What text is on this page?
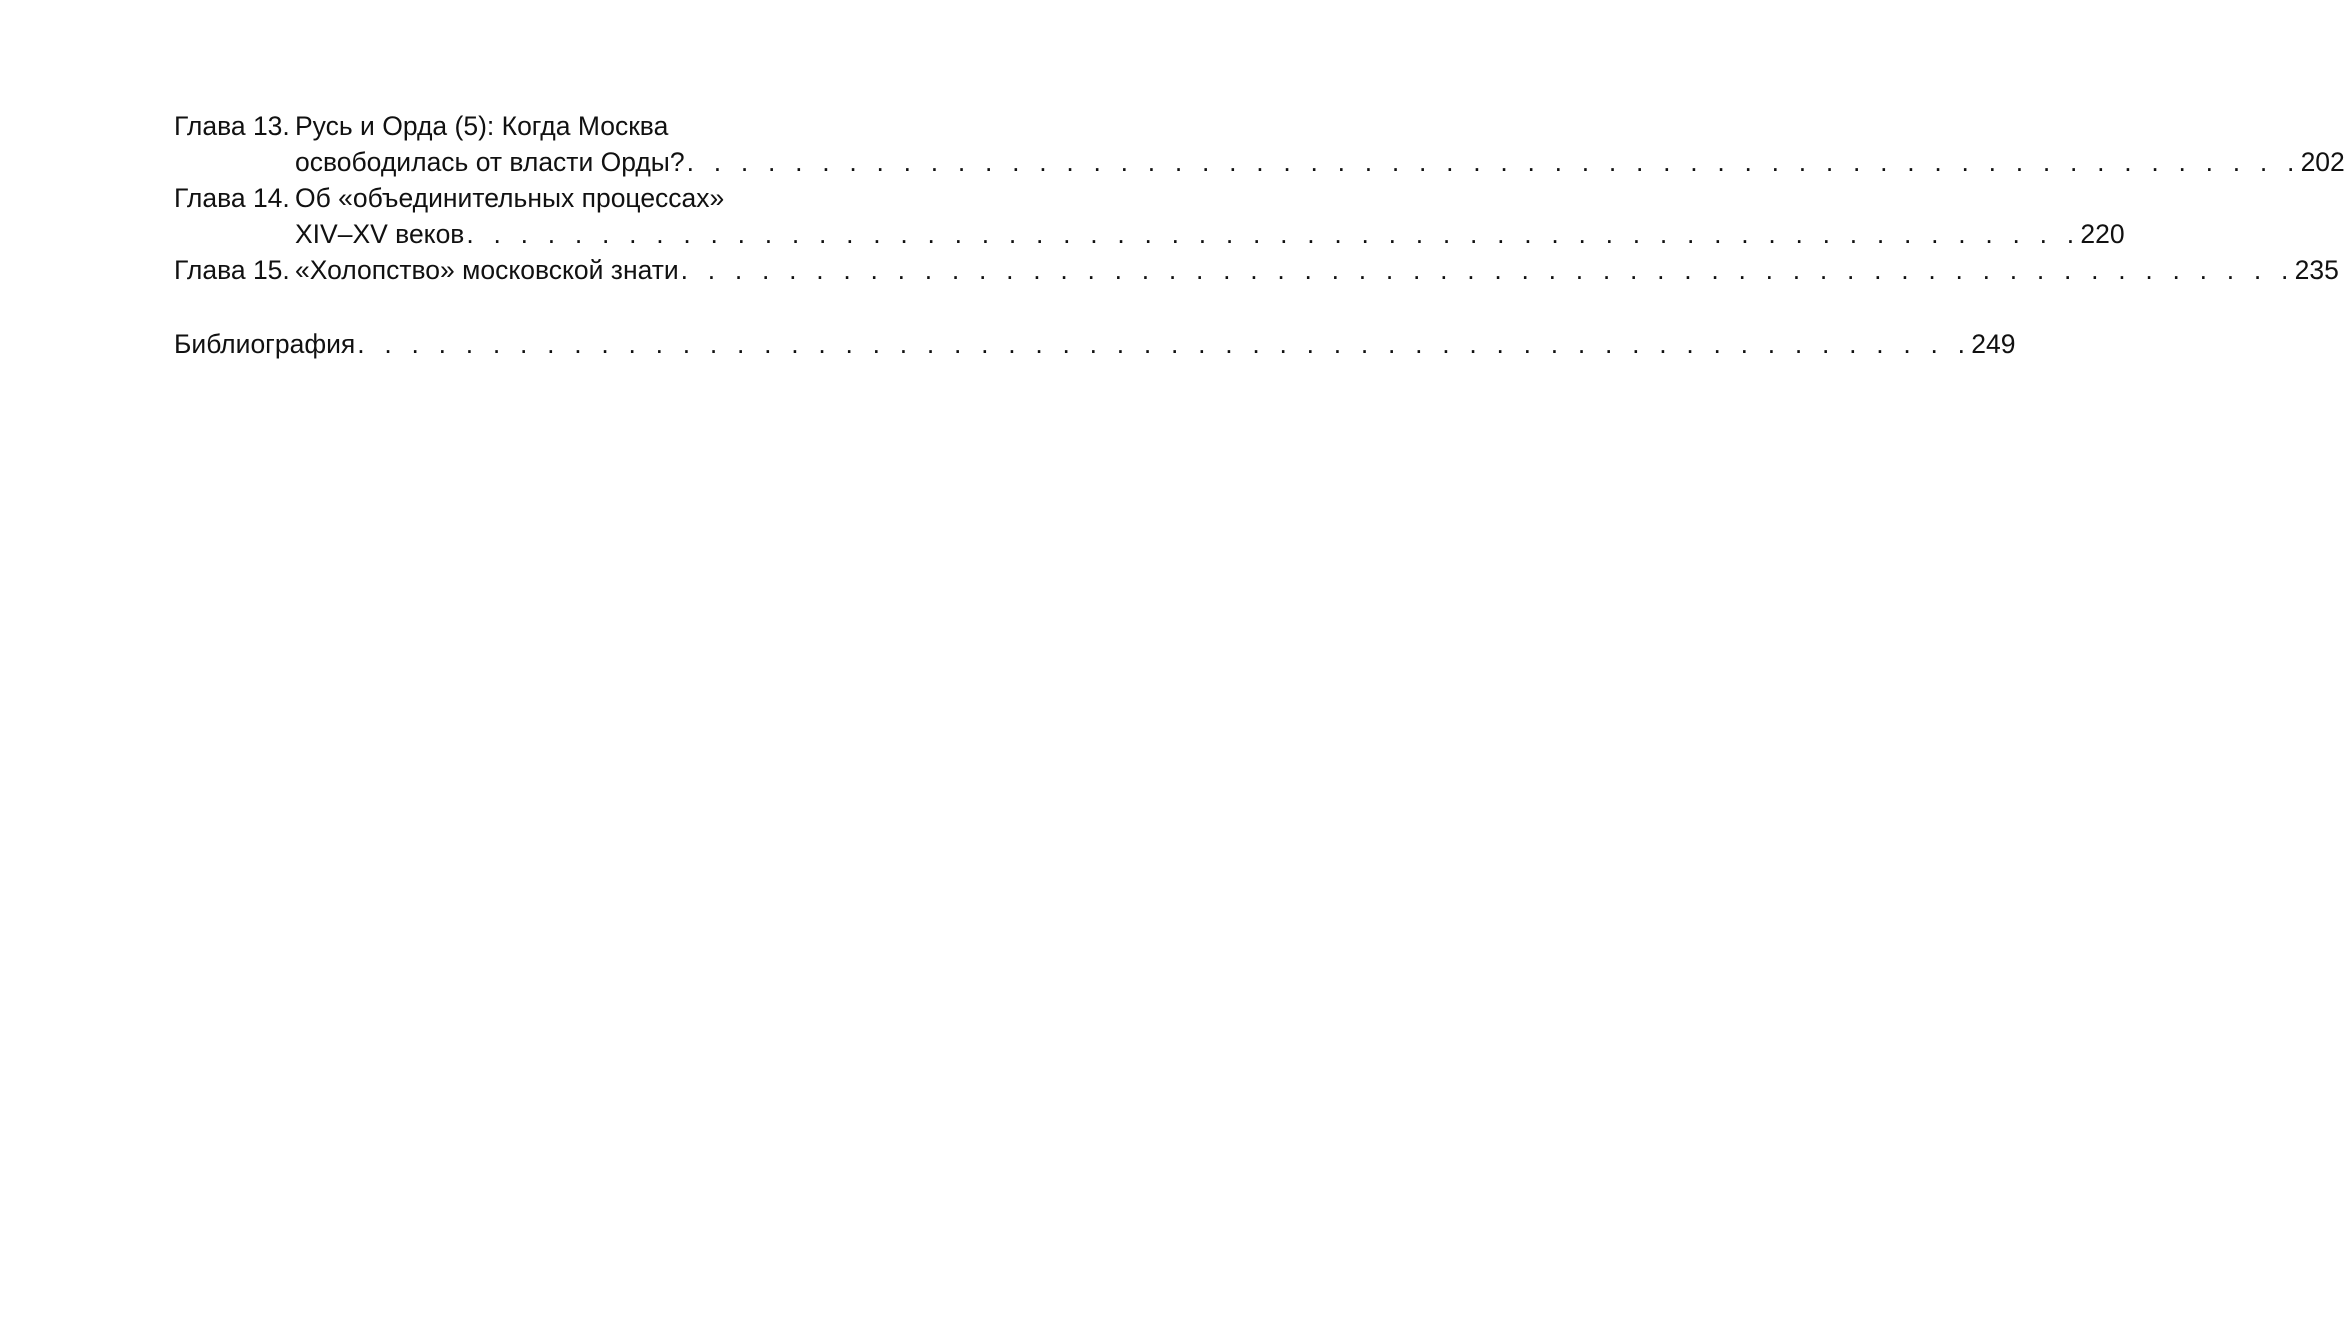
Глава 13. Русь и Орда (5): Когда Москва
освободилась от власти Орды? . . . . . . . . . . . . . . . . . . . . . . . . . . . . . . . . . . . . . . . . . . . . . . . . . . . . . . . . . . . . 202
Глава 14. Об «объединительных процессах»
XIV–XV веков . . . . . . . . . . . . . . . . . . . . . . . . . . . . . . . . . . . . . . . . . . . . . . . . . . . . . . . . . . . . 220
Глава 15. «Холопство» московской знати . . . . . . . . . . . . . . . . . . . . . . . . . . . . . . . . . . . . . . . . . . . . . . . . . . . . . . . . . . . . 235
Библиография . . . . . . . . . . . . . . . . . . . . . . . . . . . . . . . . . . . . . . . . . . . . . . . . . . . . . . . . . . . . 249
